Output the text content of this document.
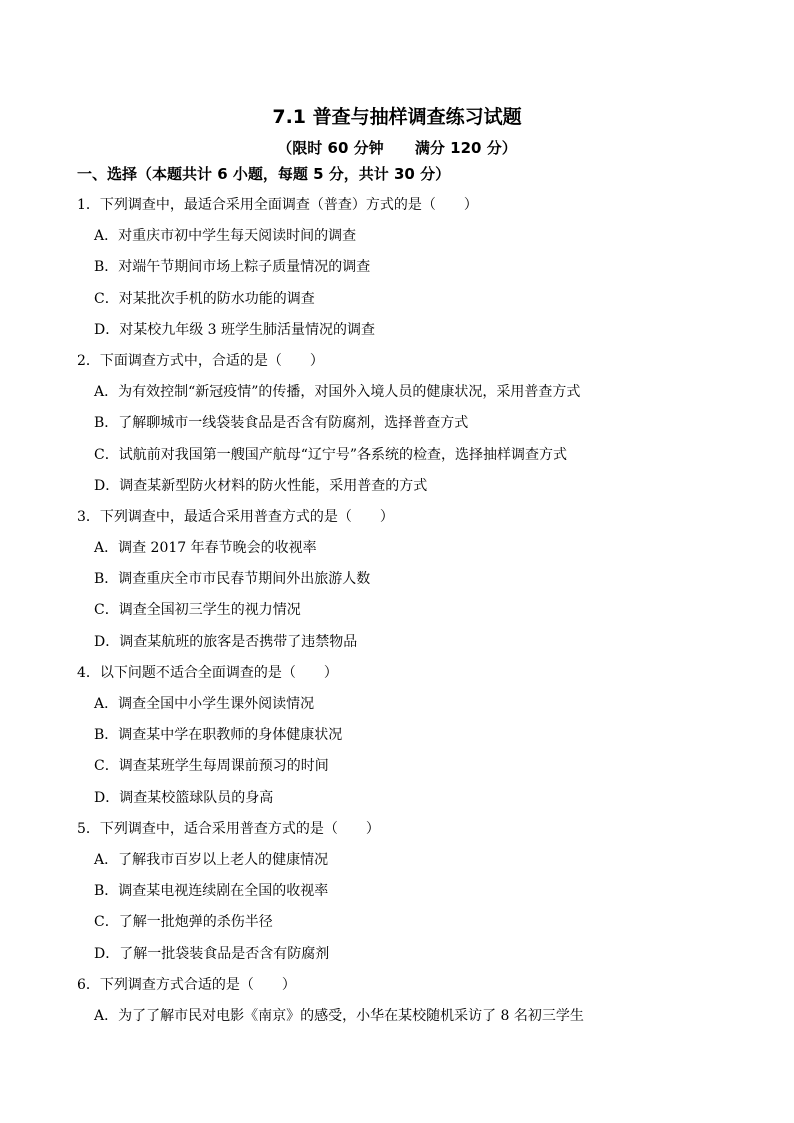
7.1 普查与抽样调查练习试题
（限时 60 分钟      满分 120 分）
一、选择（本题共计 6 小题，每题 5 分，共计 30 分）
1．下列调查中，最适合采用全面调查（普查）方式的是（　　）
A．对重庆市初中学生每天阅读时间的调查
B．对端午节期间市场上粽子质量情况的调查
C．对某批次手机的防水功能的调查
D．对某校九年级 3 班学生肺活量情况的调查
2．下面调查方式中，合适的是（　　）
A．为有效控制“新冠疫情”的传播，对国外入境人员的健康状况，采用普查方式
B．了解聊城市一线袋装食品是否含有防腐剂，选择普查方式
C．试航前对我国第一艘国产航母“辽宁号”各系统的检查，选择抽样调查方式
D．调查某新型防火材料的防火性能，采用普查的方式
3．下列调查中，最适合采用普查方式的是（　　）
A．调查 2017 年春节晚会的收视率
B．调查重庆全市市民春节期间外出旅游人数
C．调查全国初三学生的视力情况
D．调查某航班的旅客是否携带了违禁物品
4．以下问题不适合全面调查的是（　　）
A．调查全国中小学生课外阅读情况
B．调查某中学在职教师的身体健康状况
C．调查某班学生每周课前预习的时间
D．调查某校篮球队员的身高
5．下列调查中，适合采用普查方式的是（　　）
A．了解我市百岁以上老人的健康情况
B．调查某电视连续剧在全国的收视率
C．了解一批炮弹的杀伤半径
D．了解一批袋装食品是否含有防腐剂
6．下列调查方式合适的是（　　）
A．为了了解市民对电影《南京》的感受，小华在某校随机采访了 8 名初三学生
